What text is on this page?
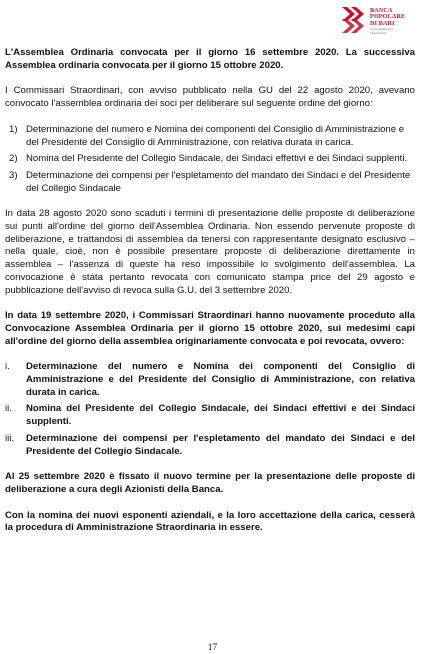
BANCA
POPOLARE
DI BARI
In Amministrazione
Straordinaria

L'Assemblea Ordinaria convocata per il giorno 16 settembre 2020. La successiva Assemblea ordinaria convocata per il giorno 15 ottobre 2020.

I Commissari Straordinari, con avviso pubblicato nella GU del 22 agosto 2020, avevano convocato l'assemblea ordinaria dei soci per deliberare sul seguente ordine del giorno:

1) Determinazione del numero e Nomina dei componenti del Consiglio di Amministrazione e del Presidente del Consiglio di Amministrazione, con relativa durata in carica.
2) Nomina del Presidente del Collegio Sindacale, dei Sindaci effettivi e dei Sindaci supplenti.
3) Determinazione dei compensi per l'espletamento del mandato dei Sindaci e del Presidente del Collegio Sindacale

In data 28 agosto 2020 sono scaduti i termini di presentazione delle proposte di deliberazione sui punti all'ordine del giorno dell'Assemblea Ordinaria. Non essendo pervenute proposte di deliberazione, e trattandosi di assemblea da tenersi con rappresentante designato esclusivo – nella quale, cioè, non è possibile presentare proposte di deliberazione direttamente in assemblea – l'assenza di queste ha reso impossibile lo svolgimento dell'assemblea. La convocazione è stata pertanto revocata con comunicato stampa price del 29 agosto e pubblicazione dell'avviso di revoca sulla G.U. del 3 settembre 2020.

In data 19 settembre 2020, i Commissari Straordinari hanno nuovamente proceduto alla Convocazione Assemblea Ordinaria per il giorno 15 ottobre 2020, sui medesimi capi all'ordine del giorno della assemblea originariamente convocata e poi revocata, ovvero:

i. Determinazione del numero e Nomina dei componenti del Consiglio di Amministrazione e del Presidente del Consiglio di Amministrazione, con relativa durata in carica.
ii. Nomina del Presidente del Collegio Sindacale, dei Sindaci effettivi e dei Sindaci supplenti.
iii. Determinazione dei compensi per l'espletamento del mandato dei Sindaci e del Presidente del Collegio Sindacale.

Al 25 settembre 2020 è fissato il nuovo termine per la presentazione delle proposte di deliberazione a cura degli Azionisti della Banca.

Con la nomina dei nuovi esponenti aziendali, e la loro accettazione della carica, cesserà la procedura di Amministrazione Straordinaria in essere.

17
